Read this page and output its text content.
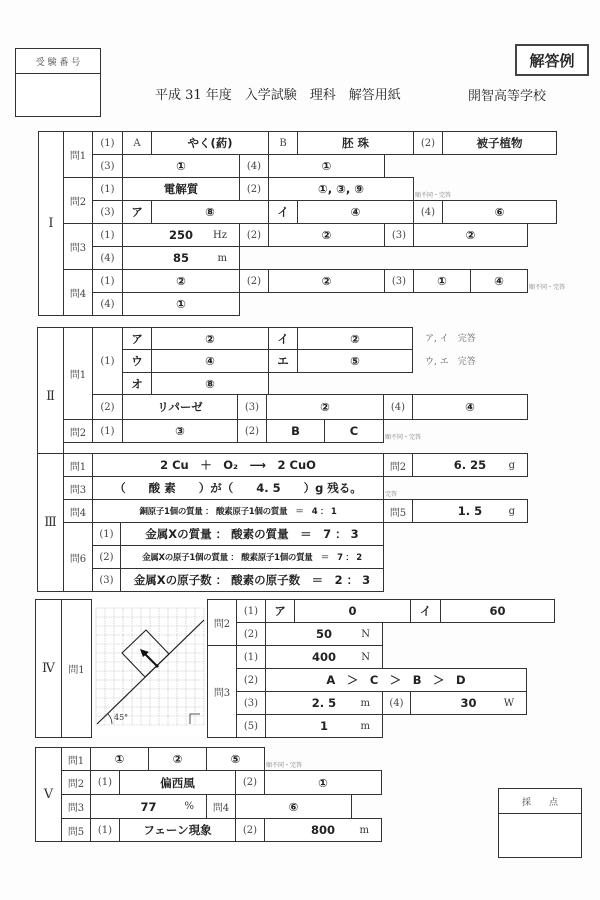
受 験 番 号	解答例
平成 31 年度　入学試験　理科　解答用紙	開智高等学校
採　　点
Ⅰ
問1
(1) A	やく(葯)	B	胚 珠	(2)	被子植物
(3)	①	(4)	①
問2
(1)	電解質	(2)	①, ③, ⑨	順不同・完答
(3) ア	⑧	イ	④	(4)	⑥
問3
(1)	250 Hz (2)	②	(3)	②
(4)	85	m
問4
(1)	②	(2)	②	(3)	①	④	順不同・完答
(4)	①
Ⅱ
問1
(1)
ア	②	イ	②
ウ	④	エ	⑤
オ	⑧
(2)	リパーゼ	(3)	②	(4)	④
問2 (1)	③	(2)	B	C	順不同・完答
Ⅲ
問1	2 Cu　＋　O₂　⟶　2 CuO	問2	6. 25 g
問3 （　　酸 素　　）が（　　4. 5　　）g 残る。	完答
問4	銅原子1個の質量 ： 酸素原子1個の質量　＝　4 ： 1	問5	1. 5	g
問6
(1)	金属Xの質量 ： 酸素の質量　＝　7 ： 3
(2)	金属Xの原子1個の質量 ： 酸素原子1個の質量　＝　7 ： 2
(3) 金属Xの原子数 ： 酸素の原子数　＝　2 ： 3
Ⅳ 問1
問2
(1) ア	0	イ	60
(2)	50	N
問3
(1)	400	N
(2)	A　＞　C　＞　B　＞　D
(3)	2. 5 m (4)	30	W
(5)	1	m
Ⅴ
問1	①	②	⑤	順不同・完答
問2 (1)	偏西風	(2)	①
問3	77	% 問4	⑥
問5 (1)	フェーン現象	(2)	800 m
45°
ア, イ　完答
ウ, エ　完答
